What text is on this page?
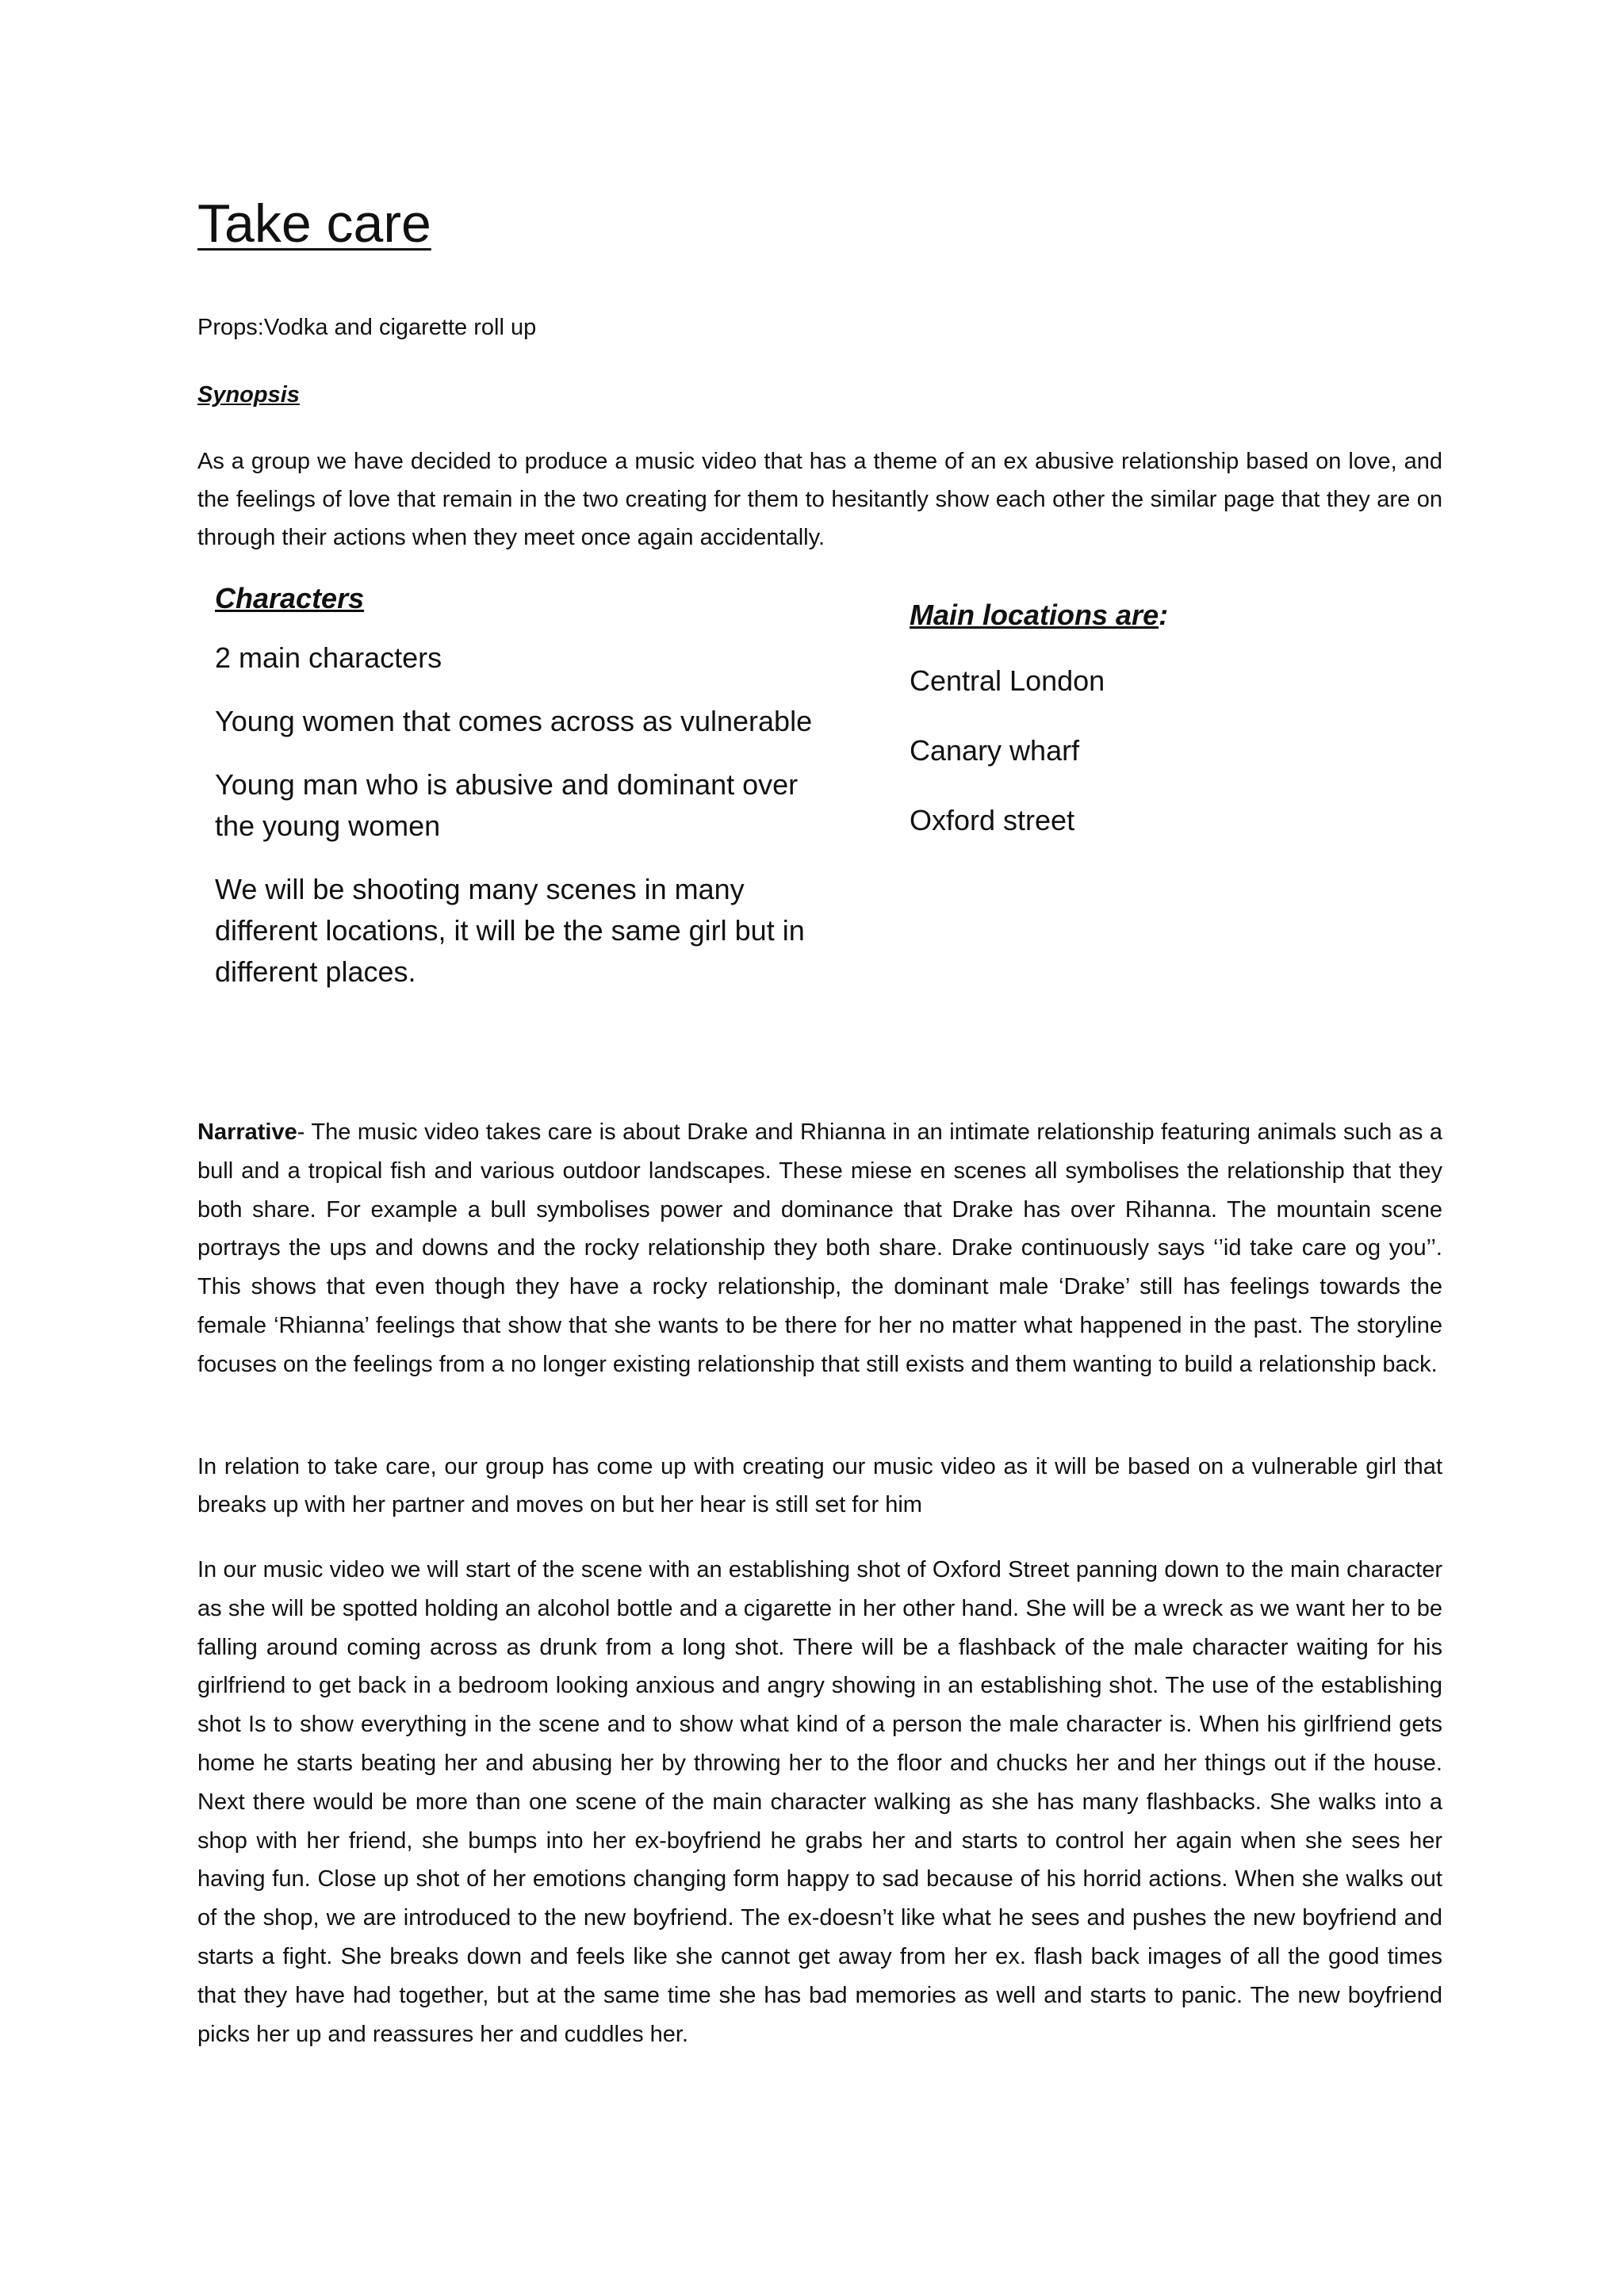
Take care
Props:Vodka and cigarette roll up
Synopsis

As a group we have decided to produce a music video that has a theme of an ex abusive relationship based on love, and the feelings of love that remain in the two creating for them to hesitantly show each other the similar page that they are on through their actions when they meet once again accidentally.

Characters
2 main characters
Young women that comes across as vulnerable
Young man who is abusive and dominant over the young women
We will be shooting many scenes in many different locations, it will be the same girl but in different places.
Main locations are:
Central London
Canary wharf
Oxford street

Narrative- The music video takes care is about Drake and Rhianna in an intimate relationship featuring animals such as a bull and a tropical fish and various outdoor landscapes. These miese en scenes all symbolises the relationship that they both share. For example a bull symbolises power and dominance that Drake has over Rihanna. The mountain scene portrays the ups and downs and the rocky relationship they both share. Drake continuously says ‘’id take care og you’’. This shows that even though they have a rocky relationship, the dominant male ‘Drake’ still has feelings towards the female ‘Rhianna’ feelings that show that she wants to be there for her no matter what happened in the past. The storyline focuses on the feelings from a no longer existing relationship that still exists and them wanting to build a relationship back.

In relation to take care, our group has come up with creating our music video as it will be based on a vulnerable girl that breaks up with her partner and moves on but her hear is still set for him

In our music video we will start of the scene with an establishing shot of Oxford Street panning down to the main character as she will be spotted holding an alcohol bottle and a cigarette in her other hand. She will be a wreck as we want her to be falling around coming across as drunk from a long shot. There will be a flashback of the male character waiting for his girlfriend to get back in a bedroom looking anxious and angry showing in an establishing shot. The use of the establishing shot Is to show everything in the scene and to show what kind of a person the male character is. When his girlfriend gets home he starts beating her and abusing her by throwing her to the floor and chucks her and her things out if the house. Next there would be more than one scene of the main character walking as she has many flashbacks. She walks into a shop with her friend, she bumps into her ex-boyfriend he grabs her and starts to control her again when she sees her having fun. Close up shot of her emotions changing form happy to sad because of his horrid actions. When she walks out of the shop, we are introduced to the new boyfriend. The ex-doesn’t like what he sees and pushes the new boyfriend and starts a fight. She breaks down and feels like she cannot get away from her ex. flash back images of all the good times that they have had together, but at the same time she has bad memories as well and starts to panic. The new boyfriend picks her up and reassures her and cuddles her.
